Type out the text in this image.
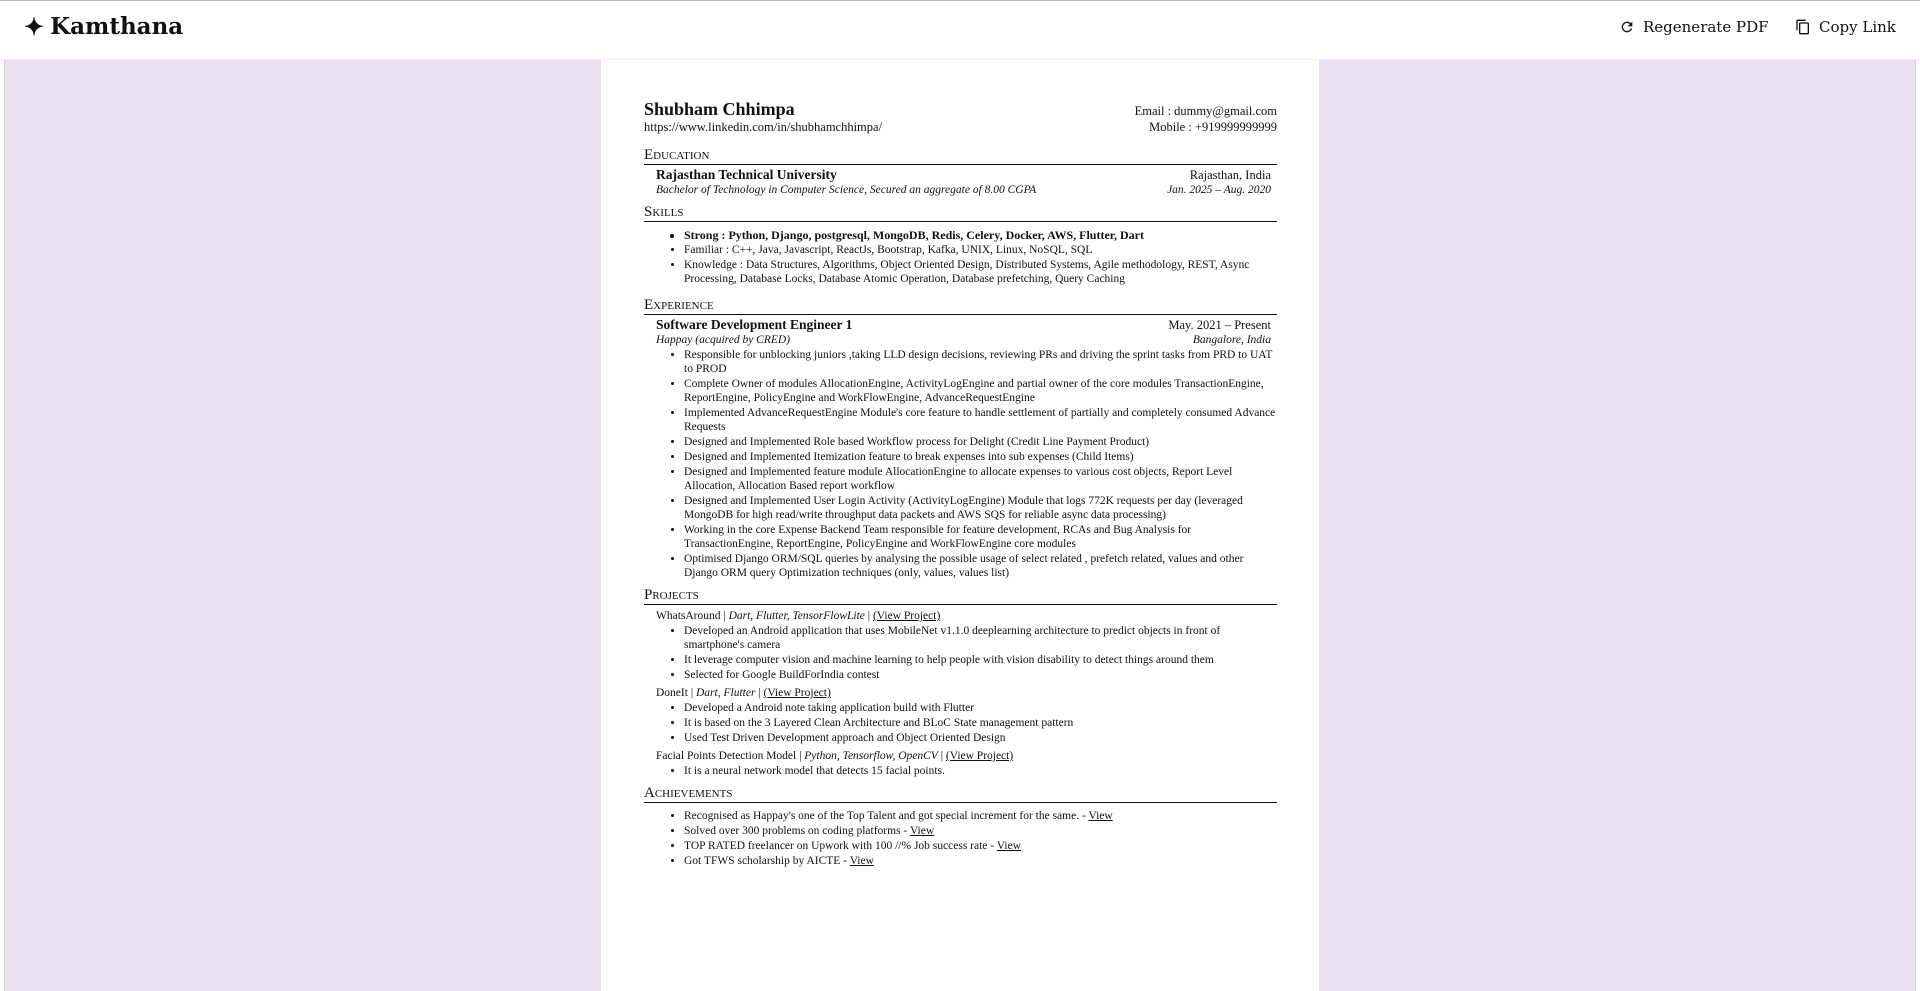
✦ Kamthana	Regenerate PDF	Copy Link
Shubham Chhimpa	Email : dummy@gmail.com
https://www.linkedin.com/in/shubhamchhimpa/	Mobile : +919999999999
Education
Rajasthan Technical University	Rajasthan, India
Bachelor of Technology in Computer Science, Secured an aggregate of 8.00 CGPA	Jan. 2025 – Aug. 2020
Skills
• Strong : Python, Django, postgresql, MongoDB, Redis, Celery, Docker, AWS, Flutter, Dart
• Familiar : C++, Java, Javascript, ReactJs, Bootstrap, Kafka, UNIX, Linux, NoSQL, SQL
• Knowledge : Data Structures, Algorithms, Object Oriented Design, Distributed Systems, Agile methodology, REST, Async Processing, Database Locks, Database Atomic Operation, Database prefetching, Query Caching
Experience
Software Development Engineer 1	May. 2021 – Present
Happay (acquired by CRED)	Bangalore, India
• Responsible for unblocking juniors ,taking LLD design decisions, reviewing PRs and driving the sprint tasks from PRD to UAT to PROD
• Complete Owner of modules AllocationEngine, ActivityLogEngine and partial owner of the core modules TransactionEngine, ReportEngine, PolicyEngine and WorkFlowEngine, AdvanceRequestEngine
• Implemented AdvanceRequestEngine Module's core feature to handle settlement of partially and completely consumed Advance Requests
• Designed and Implemented Role based Workflow process for Delight (Credit Line Payment Product)
• Designed and Implemented Itemization feature to break expenses into sub expenses (Child Items)
• Designed and Implemented feature module AllocationEngine to allocate expenses to various cost objects, Report Level Allocation, Allocation Based report workflow
• Designed and Implemented User Login Activity (ActivityLogEngine) Module that logs 772K requests per day (leveraged MongoDB for high read/write throughput data packets and AWS SQS for reliable async data processing)
• Working in the core Expense Backend Team responsible for feature development, RCAs and Bug Analysis for TransactionEngine, ReportEngine, PolicyEngine and WorkFlowEngine core modules
• Optimised Django ORM/SQL queries by analysing the possible usage of select related , prefetch related, values and other Django ORM query Optimization techniques (only, values, values list)
Projects
WhatsAround | Dart, Flutter, TensorFlowLite | (View Project)
• Developed an Android application that uses MobileNet v1.1.0 deeplearning architecture to predict objects in front of smartphone's camera
• It leverage computer vision and machine learning to help people with vision disability to detect things around them
• Selected for Google BuildForIndia contest
DoneIt | Dart, Flutter | (View Project)
• Developed a Android note taking application build with Flutter
• It is based on the 3 Layered Clean Architecture and BLoC State management pattern
• Used Test Driven Development approach and Object Oriented Design
Facial Points Detection Model | Python, Tensorflow, OpenCV | (View Project)
• It is a neural network model that detects 15 facial points.
Achievements
• Recognised as Happay's one of the Top Talent and got special increment for the same. - View
• Solved over 300 problems on coding platforms - View
• TOP RATED freelancer on Upwork with 100 //% Job success rate - View
• Got TFWS scholarship by AICTE - View
